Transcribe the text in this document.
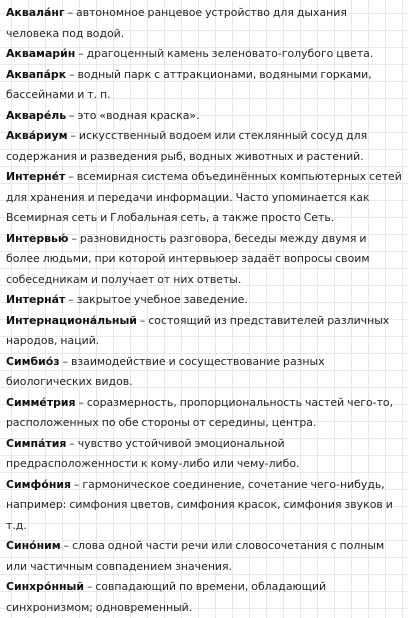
Аквала́нг – автономное ранцевое устройство для дыхания человека под водой.

Аквамари́н – драгоценный камень зеленовато-голубого цвета.

Аквапа́рк – водный парк с аттракционами, водяными горками, бассейнами и т. п.

Акваре́ль – это «водная краска».

Аква́риум – искусственный водоем или стеклянный сосуд для содержания и разведения рыб, водных животных и растений.

Интерне́т – всемирная система объединённых компьютерных сетей для хранения и передачи информации. Часто упоминается как Всемирная сеть и Глобальная сеть, а также просто Сеть.

Интервью́ – разновидность разговора, беседы между двумя и более людьми, при которой интервьюер задаёт вопросы своим собеседникам и получает от них ответы.

Интерна́т – закрытое учебное заведение.

Интернациона́льный – состоящий из представителей различных народов, наций.

Симбио́з – взаимодействие и сосуществование разных биологических видов.

Симме́трия – соразмерность, пропорциональность частей чего-то, расположенных по обе стороны от середины, центра.

Симпа́тия – чувство устойчивой эмоциональной предрасположенности к кому-либо или чему-либо.

Симфо́ния – гармоническое соединение, сочетание чего-нибудь, например: симфония цветов, симфония красок, симфония звуков и т.д.

Сино́ним – слова одной части речи или словосочетания с полным или частичным совпадением значения.

Синхро́нный – совпадающий по времени, обладающий синхронизмом; одновременный.
